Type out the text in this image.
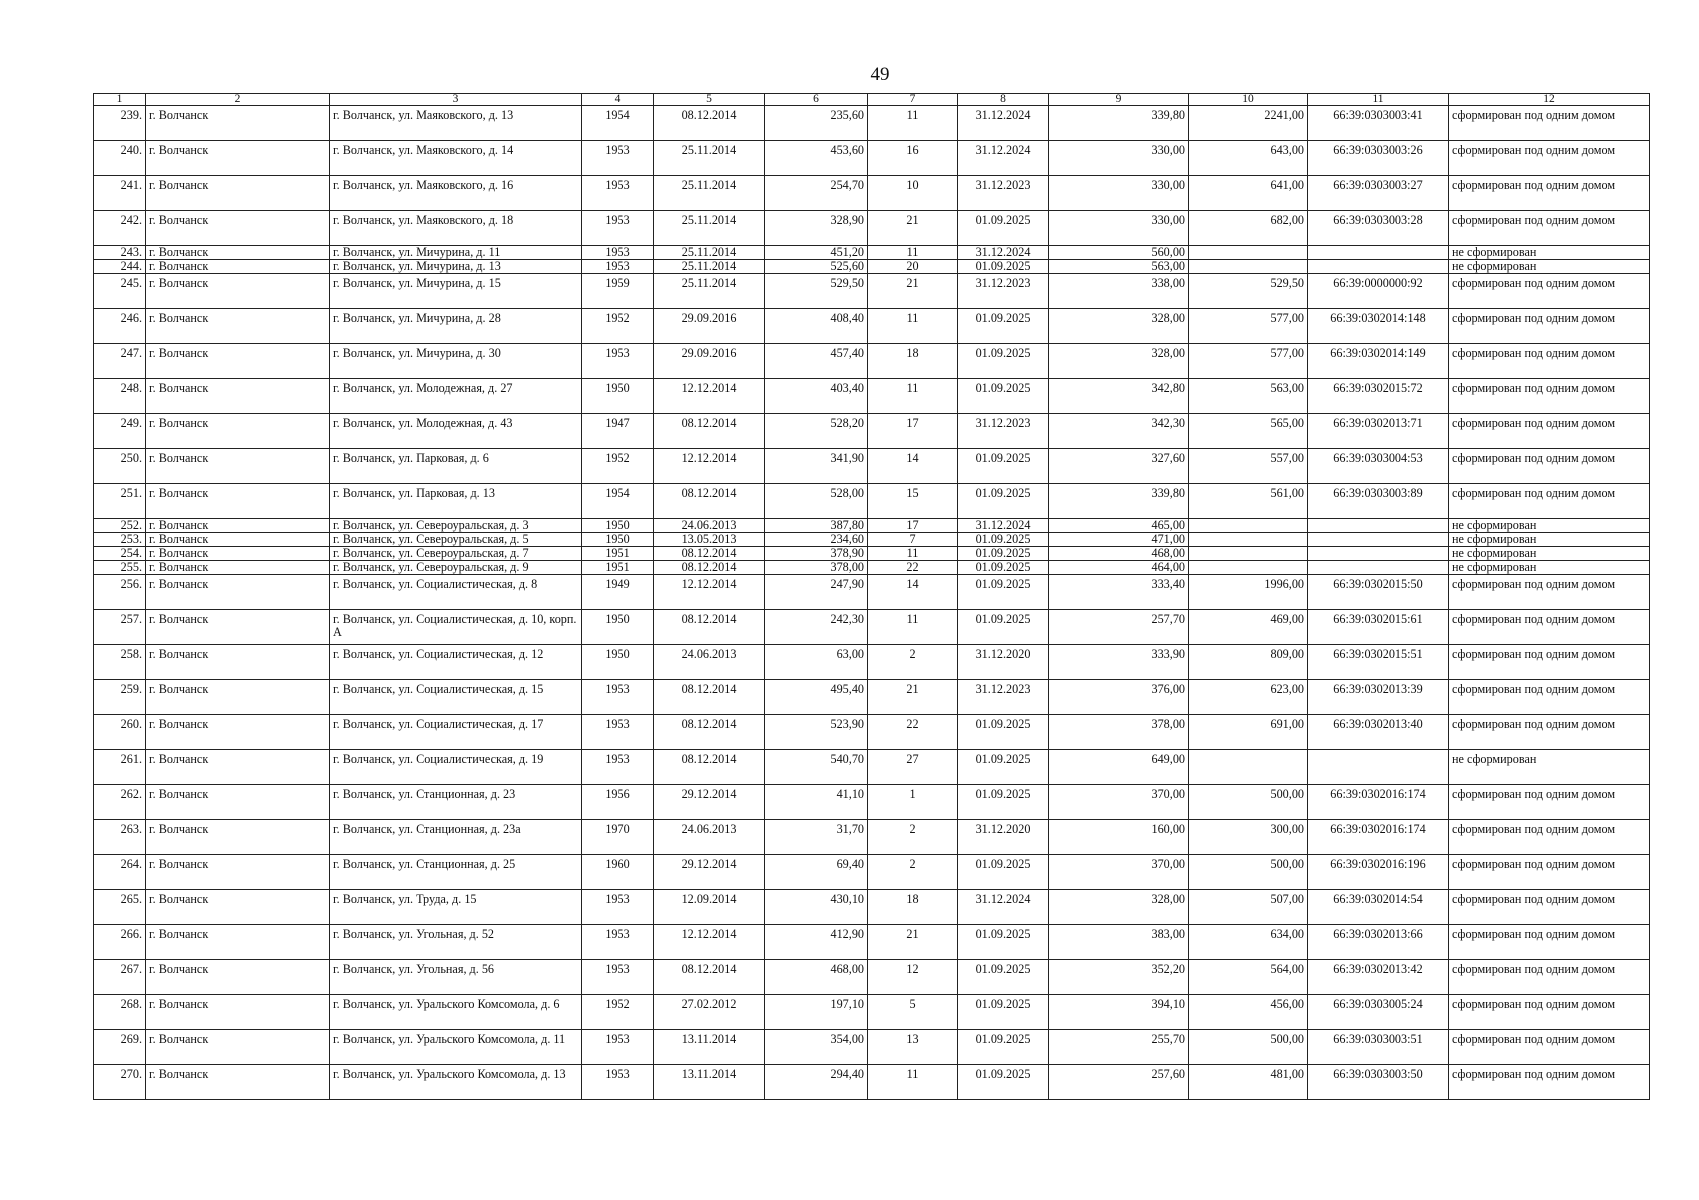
49
1	2	3	4	5	6	7	8	9	10	11	12
239.	г. Волчанск	г. Волчанск, ул. Маяковского, д. 13	1954	08.12.2014	235,60	11	31.12.2024	339,80	2241,00	66:39:0303003:41	сформирован под одним домом
240.	г. Волчанск	г. Волчанск, ул. Маяковского, д. 14	1953	25.11.2014	453,60	16	31.12.2024	330,00	643,00	66:39:0303003:26	сформирован под одним домом
241.	г. Волчанск	г. Волчанск, ул. Маяковского, д. 16	1953	25.11.2014	254,70	10	31.12.2023	330,00	641,00	66:39:0303003:27	сформирован под одним домом
242.	г. Волчанск	г. Волчанск, ул. Маяковского, д. 18	1953	25.11.2014	328,90	21	01.09.2025	330,00	682,00	66:39:0303003:28	сформирован под одним домом
243.	г. Волчанск	г. Волчанск, ул. Мичурина, д. 11	1953	25.11.2014	451,20	11	31.12.2024	560,00			не сформирован
244.	г. Волчанск	г. Волчанск, ул. Мичурина, д. 13	1953	25.11.2014	525,60	20	01.09.2025	563,00			не сформирован
245.	г. Волчанск	г. Волчанск, ул. Мичурина, д. 15	1959	25.11.2014	529,50	21	31.12.2023	338,00	529,50	66:39:0000000:92	сформирован под одним домом
246.	г. Волчанск	г. Волчанск, ул. Мичурина, д. 28	1952	29.09.2016	408,40	11	01.09.2025	328,00	577,00	66:39:0302014:148	сформирован под одним домом
247.	г. Волчанск	г. Волчанск, ул. Мичурина, д. 30	1953	29.09.2016	457,40	18	01.09.2025	328,00	577,00	66:39:0302014:149	сформирован под одним домом
248.	г. Волчанск	г. Волчанск, ул. Молодежная, д. 27	1950	12.12.2014	403,40	11	01.09.2025	342,80	563,00	66:39:0302015:72	сформирован под одним домом
249.	г. Волчанск	г. Волчанск, ул. Молодежная, д. 43	1947	08.12.2014	528,20	17	31.12.2023	342,30	565,00	66:39:0302013:71	сформирован под одним домом
250.	г. Волчанск	г. Волчанск, ул. Парковая, д. 6	1952	12.12.2014	341,90	14	01.09.2025	327,60	557,00	66:39:0303004:53	сформирован под одним домом
251.	г. Волчанск	г. Волчанск, ул. Парковая, д. 13	1954	08.12.2014	528,00	15	01.09.2025	339,80	561,00	66:39:0303003:89	сформирован под одним домом
252.	г. Волчанск	г. Волчанск, ул. Североуральская, д. 3	1950	24.06.2013	387,80	17	31.12.2024	465,00			не сформирован
253.	г. Волчанск	г. Волчанск, ул. Североуральская, д. 5	1950	13.05.2013	234,60	7	01.09.2025	471,00			не сформирован
254.	г. Волчанск	г. Волчанск, ул. Североуральская, д. 7	1951	08.12.2014	378,90	11	01.09.2025	468,00			не сформирован
255.	г. Волчанск	г. Волчанск, ул. Североуральская, д. 9	1951	08.12.2014	378,00	22	01.09.2025	464,00			не сформирован
256.	г. Волчанск	г. Волчанск, ул. Социалистическая, д. 8	1949	12.12.2014	247,90	14	01.09.2025	333,40	1996,00	66:39:0302015:50	сформирован под одним домом
257.	г. Волчанск	г. Волчанск, ул. Социалистическая, д. 10, корп. А	1950	08.12.2014	242,30	11	01.09.2025	257,70	469,00	66:39:0302015:61	сформирован под одним домом
258.	г. Волчанск	г. Волчанск, ул. Социалистическая, д. 12	1950	24.06.2013	63,00	2	31.12.2020	333,90	809,00	66:39:0302015:51	сформирован под одним домом
259.	г. Волчанск	г. Волчанск, ул. Социалистическая, д. 15	1953	08.12.2014	495,40	21	31.12.2023	376,00	623,00	66:39:0302013:39	сформирован под одним домом
260.	г. Волчанск	г. Волчанск, ул. Социалистическая, д. 17	1953	08.12.2014	523,90	22	01.09.2025	378,00	691,00	66:39:0302013:40	сформирован под одним домом
261.	г. Волчанск	г. Волчанск, ул. Социалистическая, д. 19	1953	08.12.2014	540,70	27	01.09.2025	649,00			не сформирован
262.	г. Волчанск	г. Волчанск, ул. Станционная, д. 23	1956	29.12.2014	41,10	1	01.09.2025	370,00	500,00	66:39:0302016:174	сформирован под одним домом
263.	г. Волчанск	г. Волчанск, ул. Станционная, д. 23а	1970	24.06.2013	31,70	2	31.12.2020	160,00	300,00	66:39:0302016:174	сформирован под одним домом
264.	г. Волчанск	г. Волчанск, ул. Станционная, д. 25	1960	29.12.2014	69,40	2	01.09.2025	370,00	500,00	66:39:0302016:196	сформирован под одним домом
265.	г. Волчанск	г. Волчанск, ул. Труда, д. 15	1953	12.09.2014	430,10	18	31.12.2024	328,00	507,00	66:39:0302014:54	сформирован под одним домом
266.	г. Волчанск	г. Волчанск, ул. Угольная, д. 52	1953	12.12.2014	412,90	21	01.09.2025	383,00	634,00	66:39:0302013:66	сформирован под одним домом
267.	г. Волчанск	г. Волчанск, ул. Угольная, д. 56	1953	08.12.2014	468,00	12	01.09.2025	352,20	564,00	66:39:0302013:42	сформирован под одним домом
268.	г. Волчанск	г. Волчанск, ул. Уральского Комсомола, д. 6	1952	27.02.2012	197,10	5	01.09.2025	394,10	456,00	66:39:0303005:24	сформирован под одним домом
269.	г. Волчанск	г. Волчанск, ул. Уральского Комсомола, д. 11	1953	13.11.2014	354,00	13	01.09.2025	255,70	500,00	66:39:0303003:51	сформирован под одним домом
270.	г. Волчанск	г. Волчанск, ул. Уральского Комсомола, д. 13	1953	13.11.2014	294,40	11	01.09.2025	257,60	481,00	66:39:0303003:50	сформирован под одним домом
